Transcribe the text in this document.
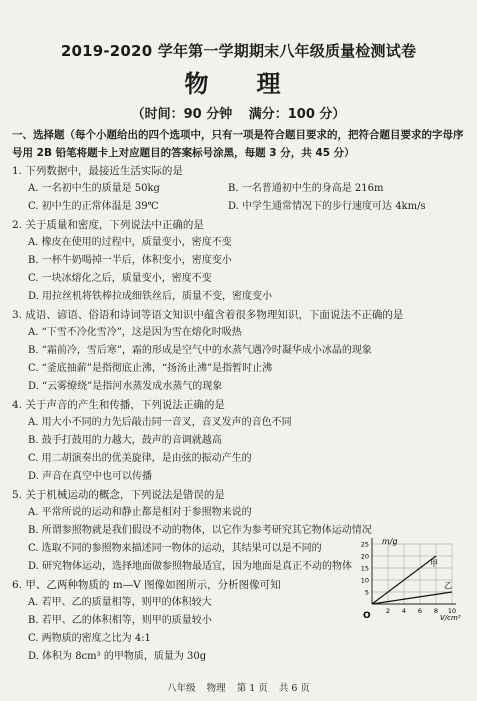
2019-2020 学年第一学期期末八年级质量检测试卷
物　理
（时间：90 分钟 满分：100 分）
一、选择题（每个小题给出的四个选项中，只有一项是符合题目要求的，把符合题目要求的字母序号用 2B 铅笔将题卡上对应题目的答案标号涂黑，每题 3 分，共 45 分）
1. 下列数据中，最接近生活实际的是
A. 一名初中生的质量是 50kg	B. 一名普通初中生的身高是 216m
C. 初中生的正常体温是 39℃	D. 中学生通常情况下的步行速度可达 4km/s
2. 关于质量和密度，下列说法中正确的是
A. 橡皮在使用的过程中，质量变小，密度不变
B. 一杯牛奶喝掉一半后，体积变小，密度变小
C. 一块冰熔化之后，质量变小，密度不变
D. 用拉丝机将铁棒拉成细铁丝后，质量不变，密度变小
3. 成语、谚语、俗语和诗词等语文知识中蕴含着很多物理知识，下面说法不正确的是
A. “下雪不冷化雪冷”，这是因为雪在熔化时吸热
B. “霜前冷，雪后寒”，霜的形成是空气中的水蒸气遇冷时凝华成小冰晶的现象
C. “釜底抽薪”是指彻底止沸，“扬汤止沸”是指暂时止沸
D. “云雾缭绕”是指河水蒸发成水蒸气的现象
4. 关于声音的产生和传播，下列说法正确的是
A. 用大小不同的力先后敲击同一音叉，音叉发声的音色不同
B. 鼓手打鼓用的力越大，鼓声的音调就越高
C. 用二胡演奏出的优美旋律，是由弦的振动产生的
D. 声音在真空中也可以传播
5. 关于机械运动的概念，下列说法是错误的是
A. 平常所说的运动和静止都是相对于参照物来说的
B. 所谓参照物就是我们假设不动的物体，以它作为参考研究其它物体运动情况
C. 选取不同的参照物来描述同一物体的运动，其结果可以是不同的
D. 研究物体运动，选择地面做参照物最适宜，因为地面是真正不动的物体
6. 甲、乙两种物质的 m—V 图像如图所示，分析图像可知
A. 若甲、乙的质量相等，则甲的体积较大
B. 若甲、乙的体积相等，则甲的质量较小
C. 两物质的密度之比为 4:1
D. 体积为 8cm³ 的甲物质，质量为 30g
25
20
15
10
5
2 4 6 8 10
甲
乙
m/g
V/cm³
O
八年级 物理 第 1 页 共 6 页
